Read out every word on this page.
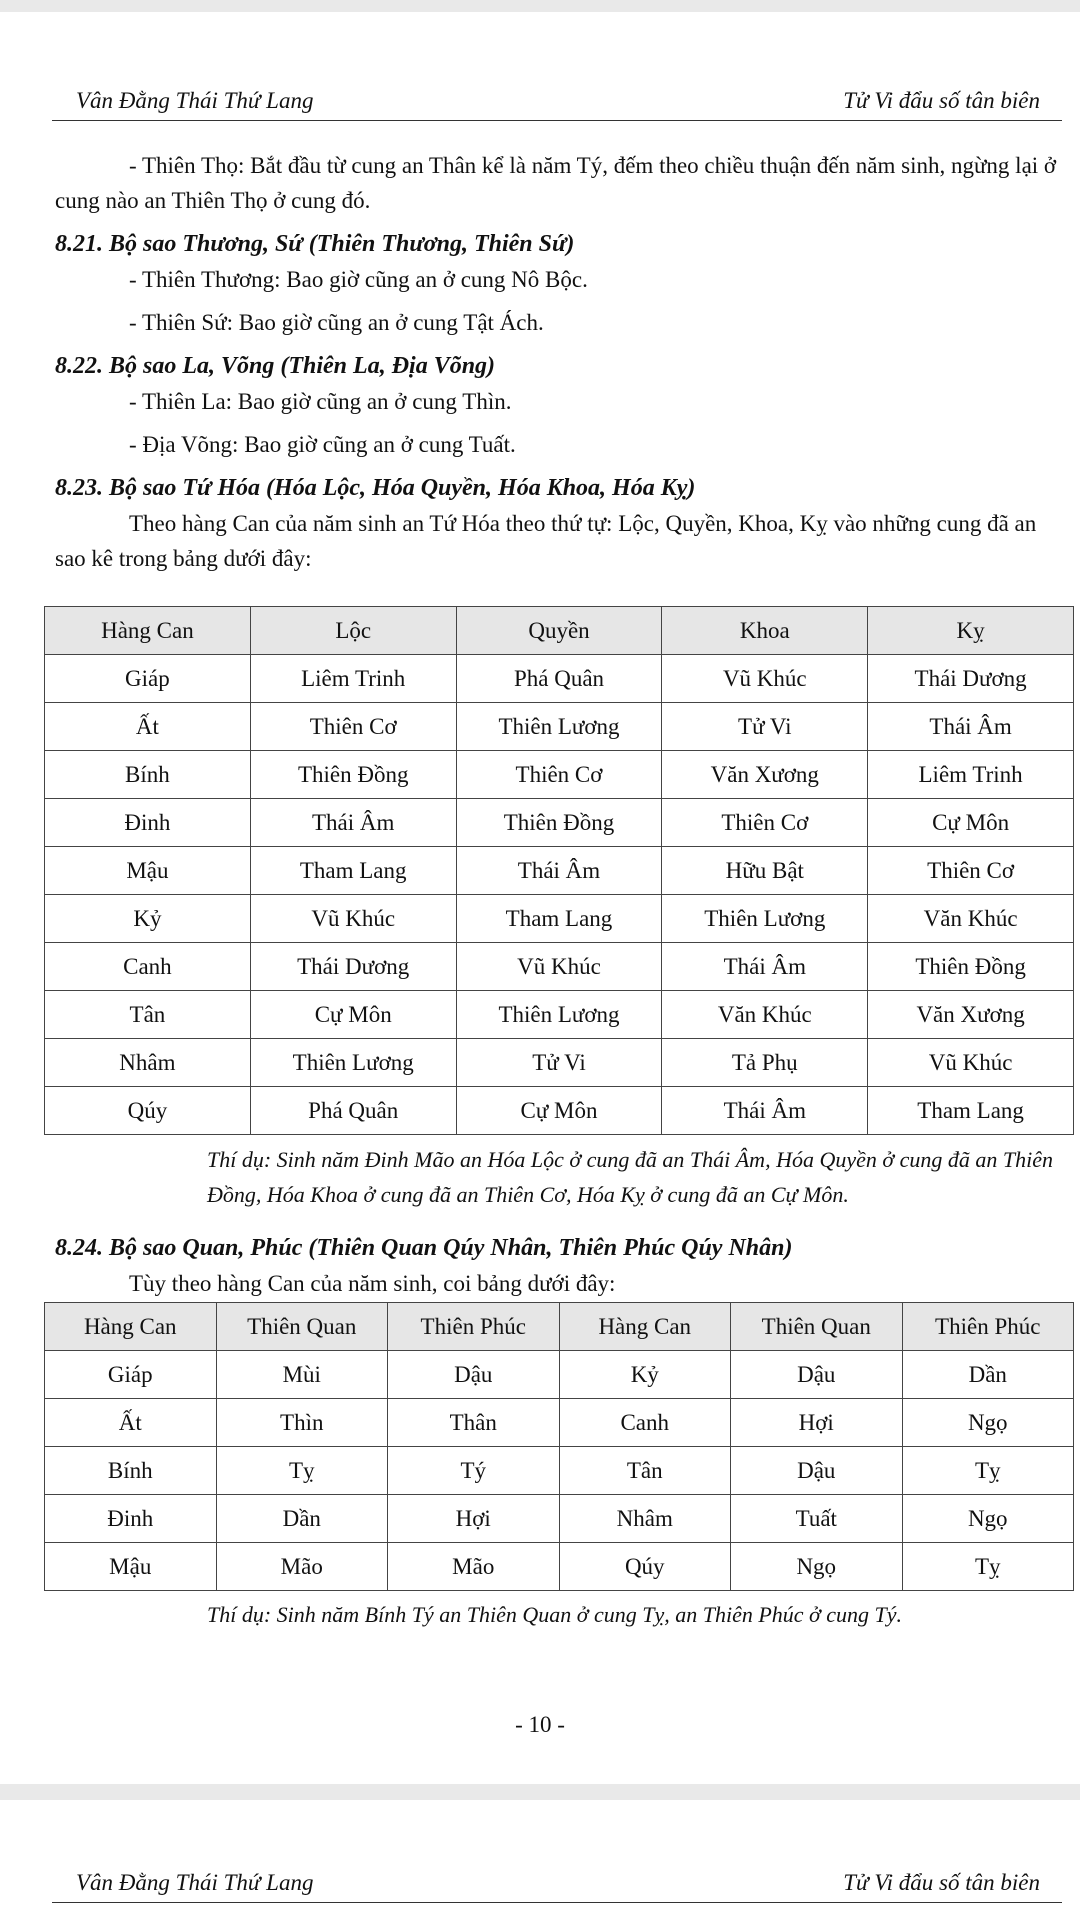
Vân Đằng Thái Thứ Lang	Tử Vi đẩu số tân biên

- Thiên Thọ: Bắt đầu từ cung an Thân kể là năm Tý, đếm theo chiều thuận đến năm sinh, ngừng lại ở cung nào an Thiên Thọ ở cung đó.

8.21. Bộ sao Thương, Sứ (Thiên Thương, Thiên Sứ)

- Thiên Thương: Bao giờ cũng an ở cung Nô Bộc.

- Thiên Sứ: Bao giờ cũng an ở cung Tật Ách.

8.22. Bộ sao La, Võng (Thiên La, Địa Võng)

- Thiên La: Bao giờ cũng an ở cung Thìn.

- Địa Võng: Bao giờ cũng an ở cung Tuất.

8.23. Bộ sao Tứ Hóa (Hóa Lộc, Hóa Quyền, Hóa Khoa, Hóa Kỵ)

Theo hàng Can của năm sinh an Tứ Hóa theo thứ tự: Lộc, Quyền, Khoa, Kỵ vào những cung đã an sao kê trong bảng dưới đây:

Hàng Can	Lộc	Quyền	Khoa	Kỵ
Giáp	Liêm Trinh	Phá Quân	Vũ Khúc	Thái Dương
Ất	Thiên Cơ	Thiên Lương	Tử Vi	Thái Âm
Bính	Thiên Đồng	Thiên Cơ	Văn Xương	Liêm Trinh
Đinh	Thái Âm	Thiên Đồng	Thiên Cơ	Cự Môn
Mậu	Tham Lang	Thái Âm	Hữu Bật	Thiên Cơ
Kỷ	Vũ Khúc	Tham Lang	Thiên Lương	Văn Khúc
Canh	Thái Dương	Vũ Khúc	Thái Âm	Thiên Đồng
Tân	Cự Môn	Thiên Lương	Văn Khúc	Văn Xương
Nhâm	Thiên Lương	Tử Vi	Tả Phụ	Vũ Khúc
Qúy	Phá Quân	Cự Môn	Thái Âm	Tham Lang

Thí dụ: Sinh năm Đinh Mão an Hóa Lộc ở cung đã an Thái Âm, Hóa Quyền ở cung đã an Thiên Đồng, Hóa Khoa ở cung đã an Thiên Cơ, Hóa Kỵ ở cung đã an Cự Môn.

8.24. Bộ sao Quan, Phúc (Thiên Quan Qúy Nhân, Thiên Phúc Qúy Nhân)

Tùy theo hàng Can của năm sinh, coi bảng dưới đây:

Hàng Can	Thiên Quan	Thiên Phúc	Hàng Can	Thiên Quan	Thiên Phúc
Giáp	Mùi	Dậu	Kỷ	Dậu	Dần
Ất	Thìn	Thân	Canh	Hợi	Ngọ
Bính	Tỵ	Tý	Tân	Dậu	Tỵ
Đinh	Dần	Hợi	Nhâm	Tuất	Ngọ
Mậu	Mão	Mão	Qúy	Ngọ	Tỵ

Thí dụ: Sinh năm Bính Tý an Thiên Quan ở cung Tỵ, an Thiên Phúc ở cung Tý.

- 10 -
Vân Đằng Thái Thứ Lang	Tử Vi đẩu số tân biên
